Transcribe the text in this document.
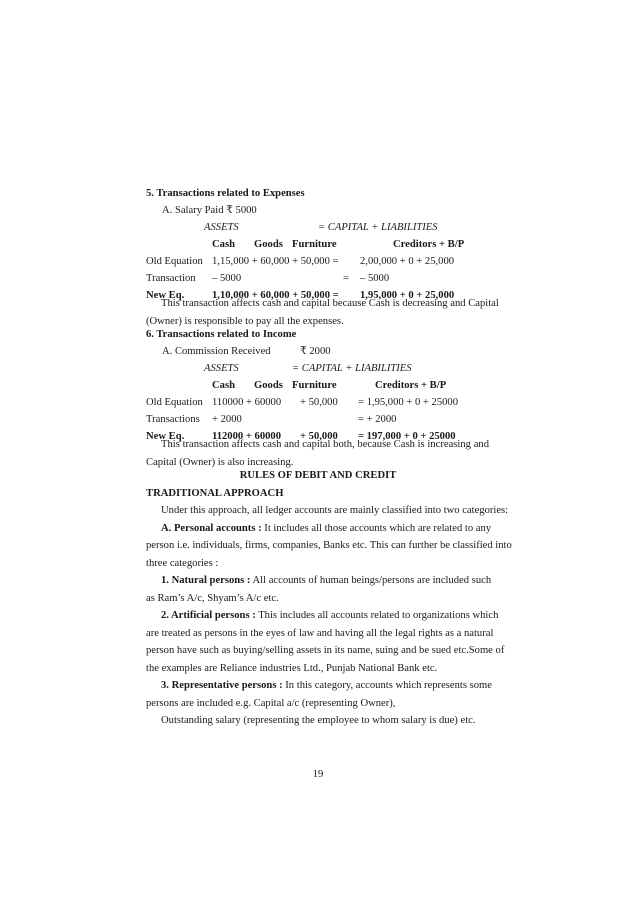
5. Transactions related to Expenses
A. Salary Paid ₹ 5000
ASSETS	= CAPITAL + LIABILITIES
Cash Goods Furniture	Creditors + B/P
Old Equation 1,15,000 + 60,000 + 50,000 = 2,00,000 + 0 + 25,000
Transaction – 5000	= – 5000
New Eq.	1,10,000 + 60,000 + 50,000 = 1,95,000 + 0 + 25,000

This transaction affects cash and capital because Cash is decreasing and Capital

(Owner) is responsible to pay all the expenses.

6. Transactions related to Income
A. Commission Received	₹ 2000
ASSETS	= CAPITAL + LIABILITIES
Cash Goods Furniture	Creditors + B/P
Old Equation 110000 + 60000 + 50,000 = 1,95,000 + 0 + 25000
Transactions + 2000	= + 2000
New Eq.	112000 + 60000 + 50,000 = 197,000 + 0 + 25000

This transaction affects cash and capital both, because Cash is increasing and

Capital (Owner) is also increasing.

RULES OF DEBIT AND CREDIT
TRADITIONAL APPROACH

Under this approach, all ledger accounts are mainly classified into two categories:

A. Personal accounts : It includes all those accounts which are related to any

person i.e. individuals, firms, companies, Banks etc. This can further be classified into

three categories :

1. Natural persons : All accounts of human beings/persons are included such

as Ram’s A/c, Shyam’s A/c etc.

2. Artificial persons : This includes all accounts related to organizations which

are treated as persons in the eyes of law and having all the legal rights as a natural

person have such as buying/selling assets in its name, suing and be sued etc.Some of

the examples are Reliance industries Ltd., Punjab National Bank etc.

3. Representative persons : In this category, accounts which represents some

persons are included e.g. Capital a/c (representing Owner),

Outstanding salary (representing the employee to whom salary is due) etc.

19
